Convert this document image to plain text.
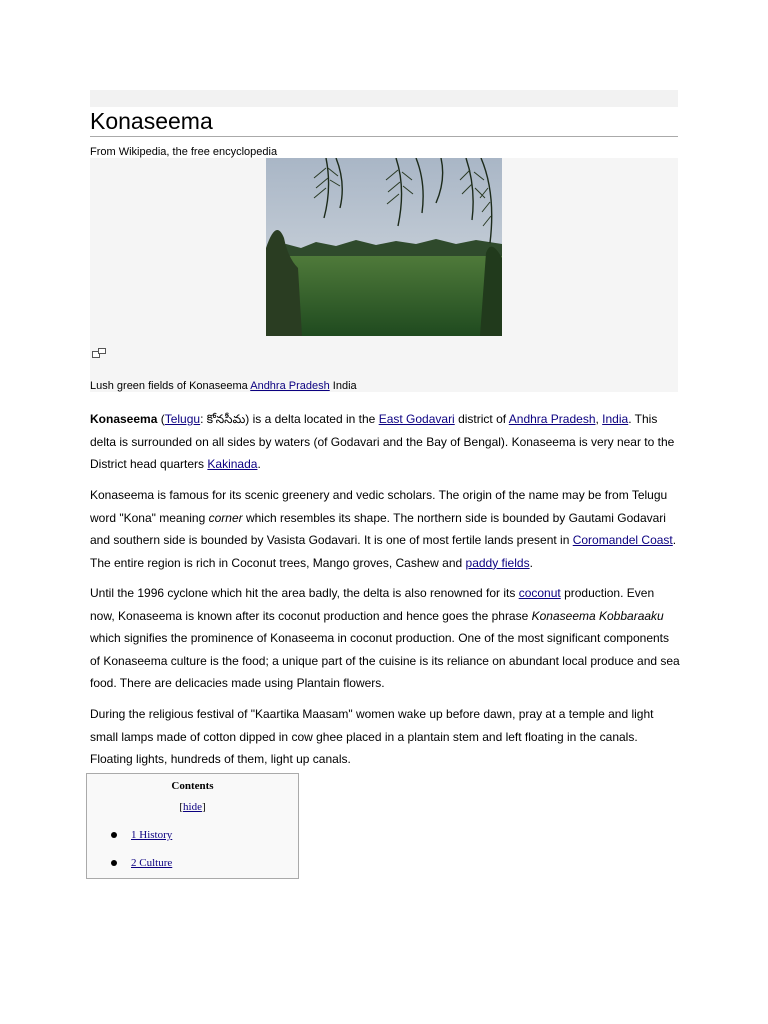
Konaseema
From Wikipedia, the free encyclopedia
Lush green fields of Konaseema Andhra Pradesh India

Konaseema (Telugu: కోనసీమ) is a delta located in the East Godavari district of Andhra Pradesh, India. This delta is surrounded on all sides by waters (of Godavari and the Bay of Bengal). Konaseema is very near to the District head quarters Kakinada.

Konaseema is famous for its scenic greenery and vedic scholars. The origin of the name may be from Telugu word "Kona" meaning corner which resembles its shape. The northern side is bounded by Gautami Godavari and southern side is bounded by Vasista Godavari. It is one of most fertile lands present in Coromandel Coast. The entire region is rich in Coconut trees, Mango groves, Cashew and paddy fields.

Until the 1996 cyclone which hit the area badly, the delta is also renowned for its coconut production. Even now, Konaseema is known after its coconut production and hence goes the phrase Konaseema Kobbaraaku which signifies the prominence of Konaseema in coconut production. One of the most significant components of Konaseema culture is the food; a unique part of the cuisine is its reliance on abundant local produce and sea food. There are delicacies made using Plantain flowers.

During the religious festival of "Kaartika Maasam" women wake up before dawn, pray at a temple and light small lamps made of cotton dipped in cow ghee placed in a plantain stem and left floating in the canals. Floating lights, hundreds of them, light up canals.

Contents
[hide]
1 History
2 Culture
